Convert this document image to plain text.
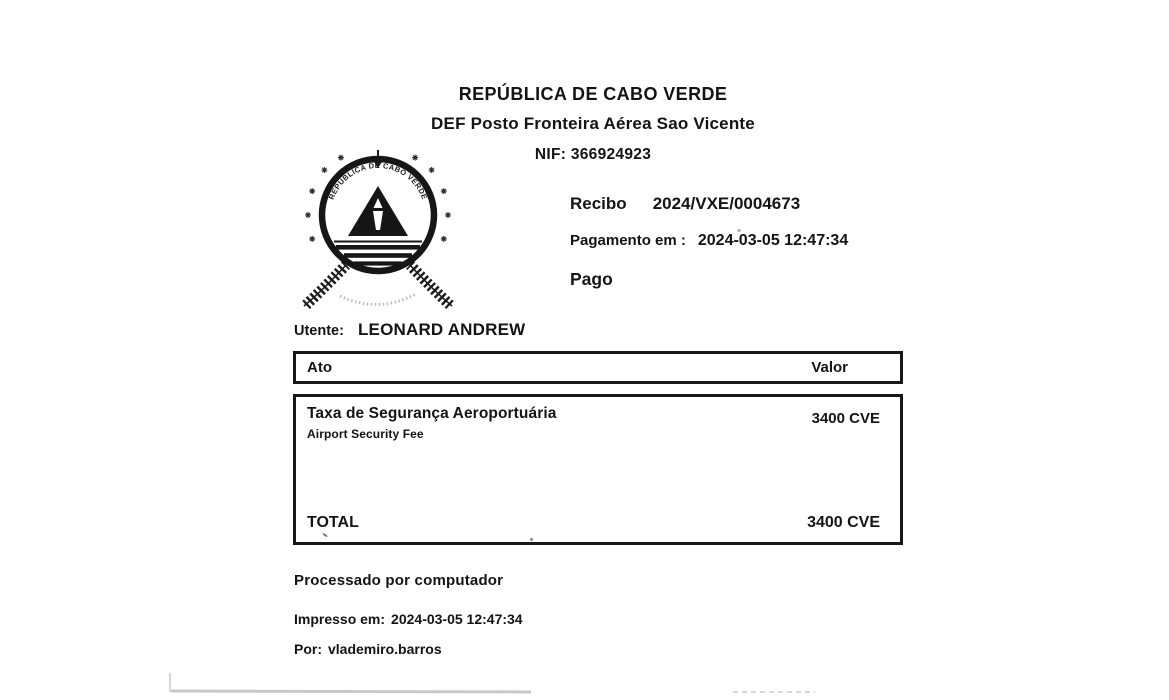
REPÚBLICA DE CABO VERDE
DEF Posto Fronteira Aérea Sao Vicente
NIF: 366924923
REPÚBLICA DE CABO VERDE	Recibo 2024/VXE/0004673
Pagamento em : 2024-03-05 12:47:34
Pago
Utente: LEONARD ANDREW
Ato	Valor
Taxa de Segurança Aeroportuária
Airport Security Fee
3400 CVE
TOTAL	3400 CVE
Processado por computador
Impresso em: 2024-03-05 12:47:34
Por: vlademiro.barros
